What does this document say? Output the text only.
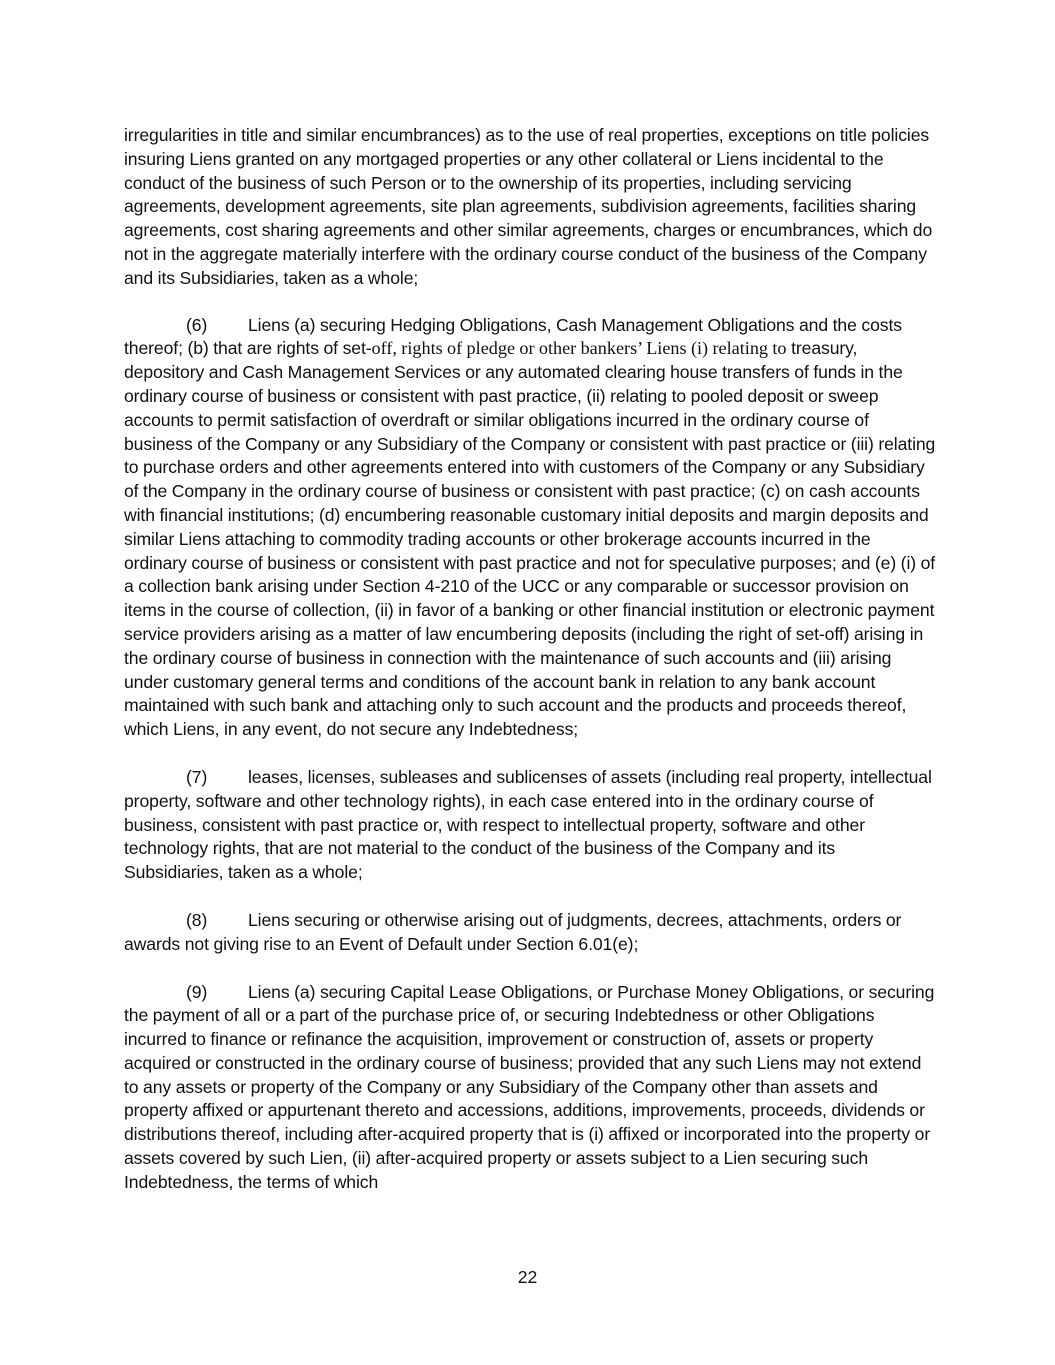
irregularities in title and similar encumbrances) as to the use of real properties, exceptions on title policies insuring Liens granted on any mortgaged properties or any other collateral or Liens incidental to the conduct of the business of such Person or to the ownership of its properties, including servicing agreements, development agreements, site plan agreements, subdivision agreements, facilities sharing agreements, cost sharing agreements and other similar agreements, charges or encumbrances, which do not in the aggregate materially interfere with the ordinary course conduct of the business of the Company and its Subsidiaries, taken as a whole;

(6) Liens (a) securing Hedging Obligations, Cash Management Obligations and the costs thereof; (b) that are rights of set-off, rights of pledge or other bankers’ Liens (i) relating to treasury, depository and Cash Management Services or any automated clearing house transfers of funds in the ordinary course of business or consistent with past practice, (ii) relating to pooled deposit or sweep accounts to permit satisfaction of overdraft or similar obligations incurred in the ordinary course of business of the Company or any Subsidiary of the Company or consistent with past practice or (iii) relating to purchase orders and other agreements entered into with customers of the Company or any Subsidiary of the Company in the ordinary course of business or consistent with past practice; (c) on cash accounts with financial institutions; (d) encumbering reasonable customary initial deposits and margin deposits and similar Liens attaching to commodity trading accounts or other brokerage accounts incurred in the ordinary course of business or consistent with past practice and not for speculative purposes; and (e) (i) of a collection bank arising under Section 4-210 of the UCC or any comparable or successor provision on items in the course of collection, (ii) in favor of a banking or other financial institution or electronic payment service providers arising as a matter of law encumbering deposits (including the right of set-off) arising in the ordinary course of business in connection with the maintenance of such accounts and (iii) arising under customary general terms and conditions of the account bank in relation to any bank account maintained with such bank and attaching only to such account and the products and proceeds thereof, which Liens, in any event, do not secure any Indebtedness;

(7) leases, licenses, subleases and sublicenses of assets (including real property, intellectual property, software and other technology rights), in each case entered into in the ordinary course of business, consistent with past practice or, with respect to intellectual property, software and other technology rights, that are not material to the conduct of the business of the Company and its Subsidiaries, taken as a whole;

(8) Liens securing or otherwise arising out of judgments, decrees, attachments, orders or awards not giving rise to an Event of Default under Section 6.01(e);

(9) Liens (a) securing Capital Lease Obligations, or Purchase Money Obligations, or securing the payment of all or a part of the purchase price of, or securing Indebtedness or other Obligations incurred to finance or refinance the acquisition, improvement or construction of, assets or property acquired or constructed in the ordinary course of business; provided that any such Liens may not extend to any assets or property of the Company or any Subsidiary of the Company other than assets and property affixed or appurtenant thereto and accessions, additions, improvements, proceeds, dividends or distributions thereof, including after-acquired property that is (i) affixed or incorporated into the property or assets covered by such Lien, (ii) after-acquired property or assets subject to a Lien securing such Indebtedness, the terms of which

22
